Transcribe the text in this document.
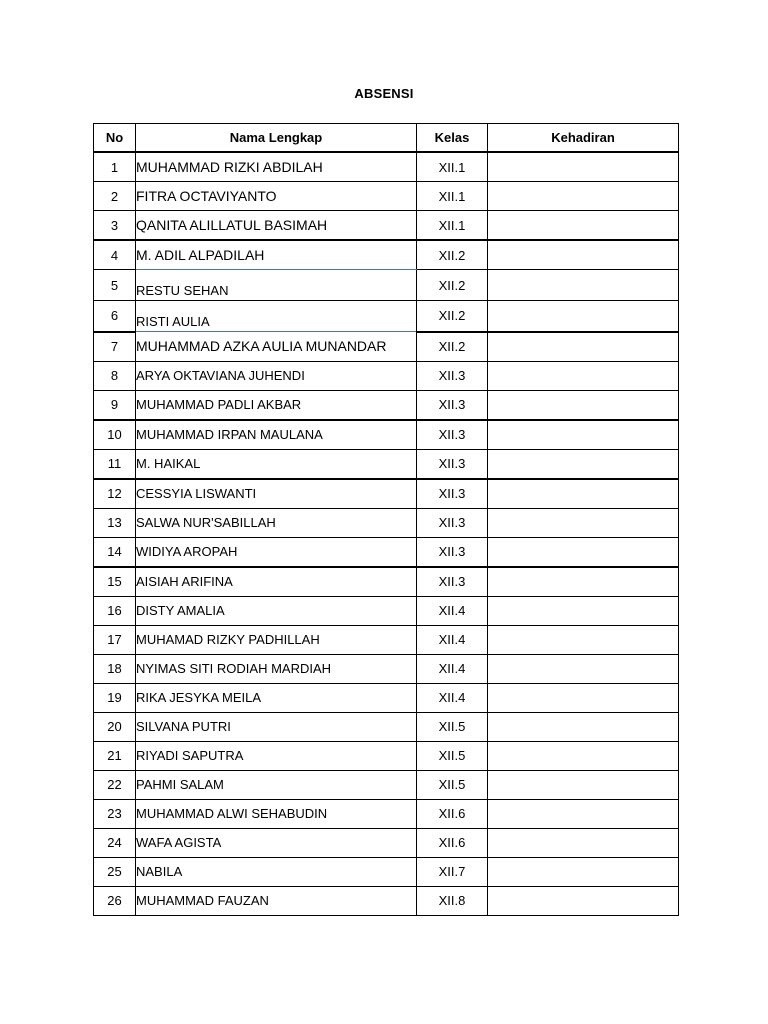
ABSENSI
No	Nama Lengkap	Kelas	Kehadiran
1	MUHAMMAD RIZKI ABDILAH	XII.1	
2	FITRA OCTAVIYANTO	XII.1	
3	QANITA ALILLATUL BASIMAH	XII.1	
4	M. ADIL ALPADILAH	XII.2	
5	RESTU SEHAN	XII.2	
6	RISTI AULIA	XII.2	
7	MUHAMMAD AZKA AULIA MUNANDAR	XII.2	
8	ARYA OKTAVIANA JUHENDI	XII.3	
9	MUHAMMAD PADLI AKBAR	XII.3	
10	MUHAMMAD IRPAN MAULANA	XII.3	
11	M. HAIKAL	XII.3	
12	CESSYIA LISWANTI	XII.3	
13	SALWA NUR'SABILLAH	XII.3	
14	WIDIYA AROPAH	XII.3	
15	AISIAH ARIFINA	XII.3	
16	DISTY AMALIA	XII.4	
17	MUHAMAD RIZKY PADHILLAH	XII.4	
18	NYIMAS SITI RODIAH MARDIAH	XII.4	
19	RIKA JESYKA MEILA	XII.4	
20	SILVANA PUTRI	XII.5	
21	RIYADI SAPUTRA	XII.5	
22	PAHMI SALAM	XII.5	
23	MUHAMMAD ALWI SEHABUDIN	XII.6	
24	WAFA AGISTA	XII.6	
25	NABILA	XII.7	
26	MUHAMMAD FAUZAN	XII.8	
